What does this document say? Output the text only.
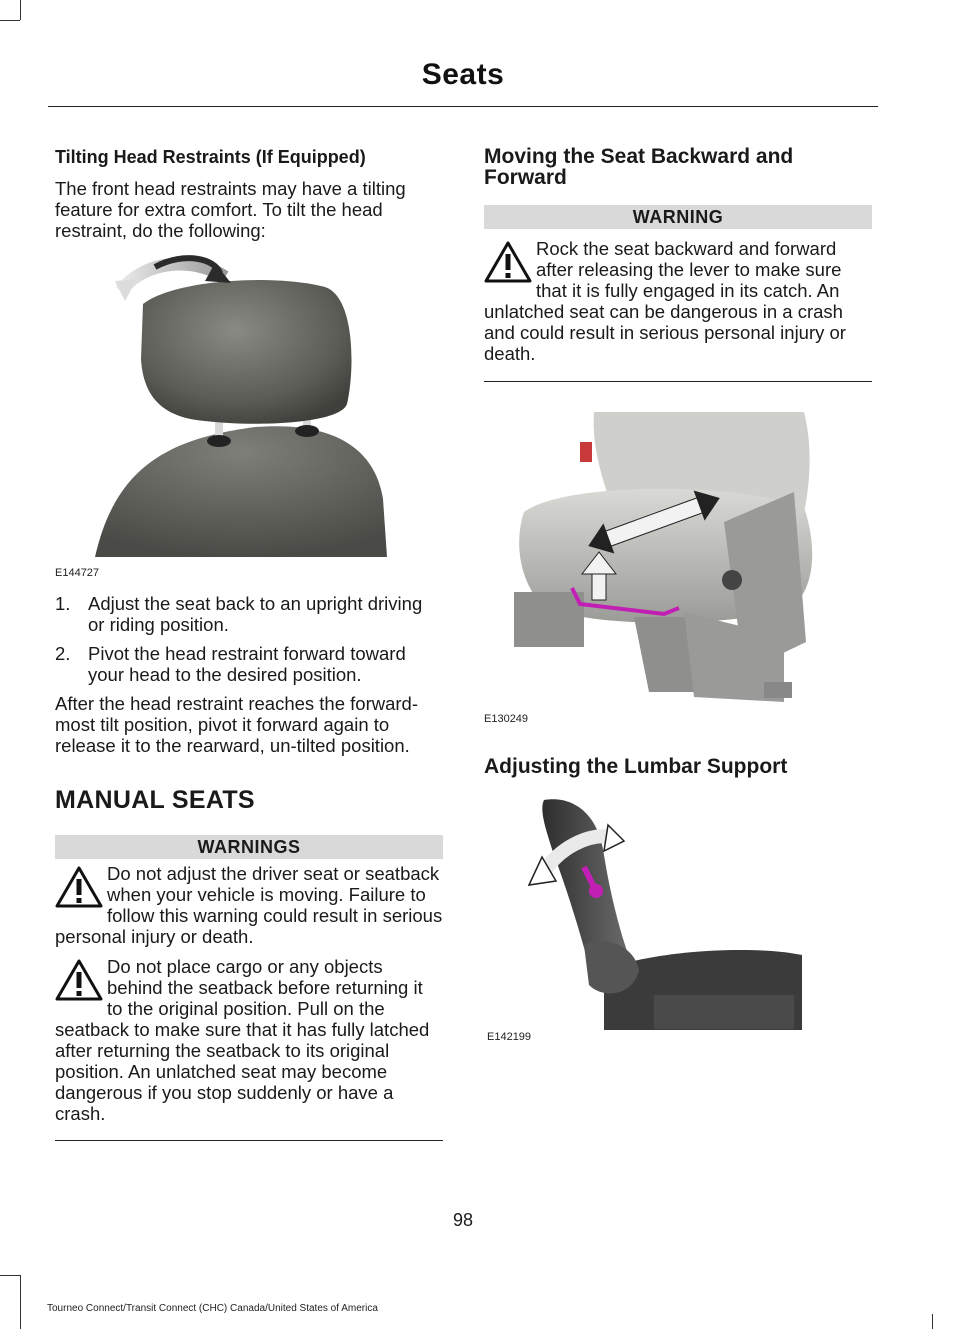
Seats
Tilting Head Restraints (If Equipped)

The front head restraints may have a tilting feature for extra comfort. To tilt the head restraint, do the following:

E144727
1. Adjust the seat back to an upright driving or riding position.
2. Pivot the head restraint forward toward your head to the desired position.

After the head restraint reaches the forward-most tilt position, pivot it forward again to release it to the rearward, un-tilted position.

MANUAL SEATS
WARNINGS
Do not adjust the driver seat or seatback when your vehicle is moving. Failure to follow this warning could result in serious personal injury or death.
Do not place cargo or any objects behind the seatback before returning it to the original position. Pull on the seatback to make sure that it has fully latched after returning the seatback to its original position. An unlatched seat may become dangerous if you stop suddenly or have a crash.
Moving the Seat Backward and Forward
WARNING
Rock the seat backward and forward after releasing the lever to make sure that it is fully engaged in its catch. An unlatched seat can be dangerous in a crash and could result in serious personal injury or death.
E130249
Adjusting the Lumbar Support
E142199
98
Tourneo Connect/Transit Connect (CHC) Canada/United States of America
